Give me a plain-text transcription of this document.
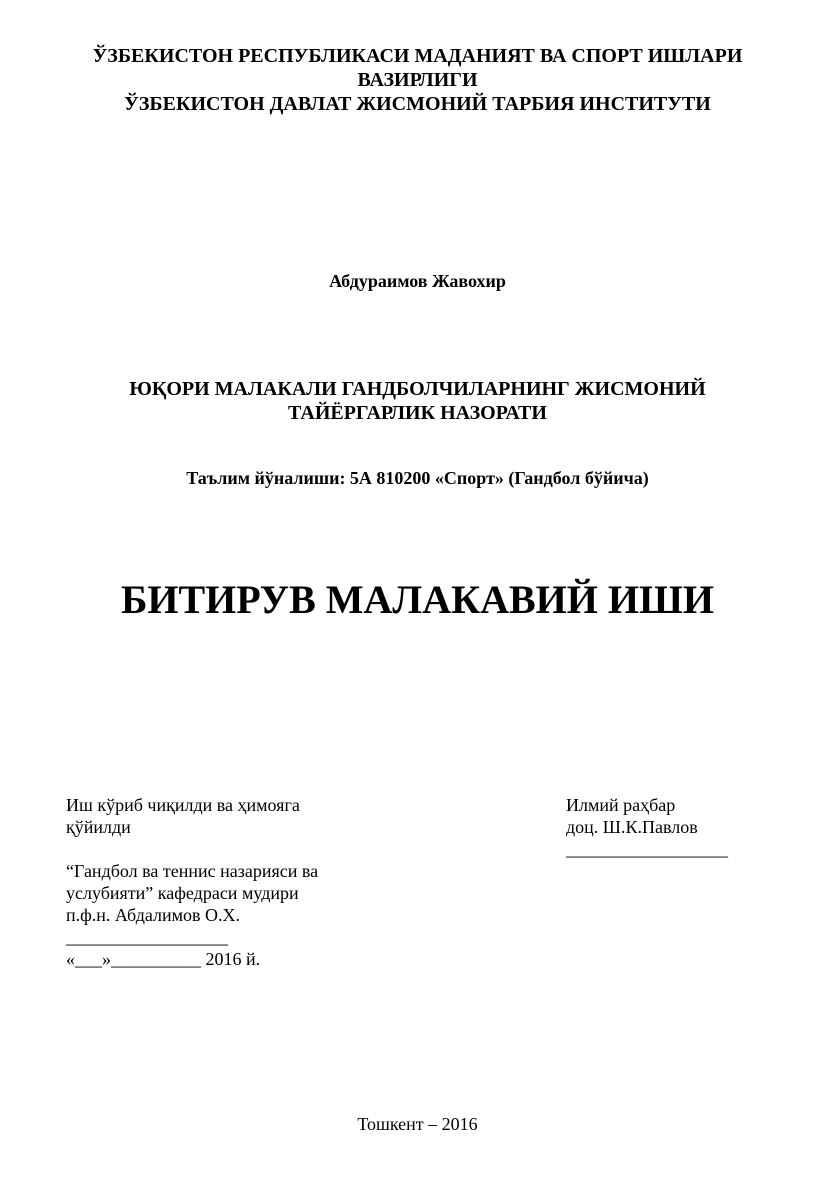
ЎЗБЕКИСТОН РЕСПУБЛИКАСИ МАДАНИЯТ ВА СПОРТ ИШЛАРИ
ВАЗИРЛИГИ
ЎЗБЕКИСТОН ДАВЛАТ ЖИСМОНИЙ ТАРБИЯ ИНСТИТУТИ
Абдураимов Жавохир
ЮҚОРИ МАЛАКАЛИ ГАНДБОЛЧИЛАРНИНГ ЖИСМОНИЙ
ТАЙЁРГАРЛИК НАЗОРАТИ
Таълим йўналиши: 5А 810200 «Спорт» (Гандбол бўйича)
БИТИРУВ МАЛАКАВИЙ ИШИ
Иш кўриб чиқилди ва ҳимояга
қўйилди
“Гандбол ва теннис назарияси ва
услубияти” кафедраси мудири
п.ф.н. Абдалимов О.Х.
__________________
«___»__________ 2016 й.
Илмий раҳбар
доц. Ш.К.Павлов
__________________
Тошкент – 2016
